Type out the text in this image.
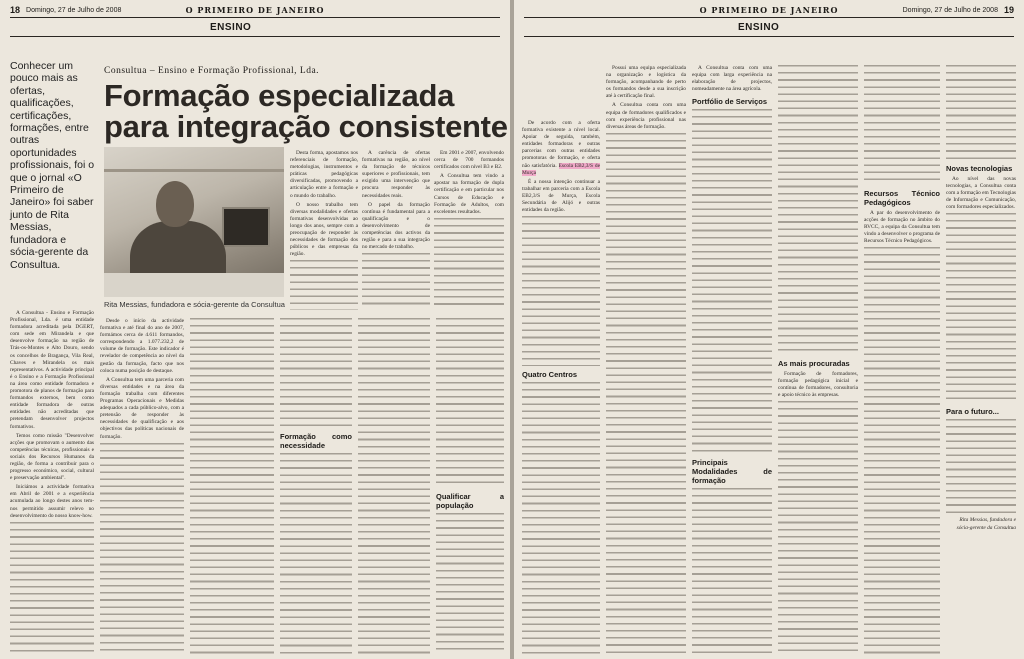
18 Domingo, 27 de Julho de 2008	O PRIMEIRO DE JANEIRO
ENSINO
Conhecer um pouco mais as ofertas, qualificações, certificações, formações, entre outras oportunidades profissionais, foi o que o jornal «O Primeiro de Janeiro» foi saber junto de Rita Messias, fundadora e sócia-gerente da Consultua.
Consultua – Ensino e Formação Profissional, Lda.
Formação especializada para integração consistente
Rita Messias, fundadora e sócia-gerente da Consultua

Desta forma, apostamos nos referenciais de formação, metodologias, instrumentos e práticas pedagógicas diversificadas, promovendo a articulação entre a formação e o mundo do trabalho.

O nosso trabalho tem diversas modalidades e ofertas formativas desenvolvidas ao longo dos anos, sempre com a preocupação de responder às necessidades de formação dos públicos e das empresas da região.

A carência de ofertas formativas na região, ao nível da formação de técnicos superiores e profissionais, tem exigido uma intervenção que procura responder às necessidades reais.

O papel da formação contínua é fundamental para a qualificação e o desenvolvimento de competências dos activos da região e para a sua integração no mercado de trabalho.

Em 2001 e 2007, envolvendo cerca de 700 formandos certificados com nível B3 e B2.

A Consultua tem vindo a apostar na formação de dupla certificação e em particular nos Cursos de Educação e Formação de Adultos, com excelentes resultados.

A Consultua - Ensino e Formação Profissional, Lda. é uma entidade formadora acreditada pela DGERT, com sede em Mirandela e que desenvolve formação na região de Trás-os-Montes e Alto Douro, sendo os concelhos de Bragança, Vila Real, Chaves e Mirandela os mais representativos. A actividade principal é o Ensino e a Formação Profissional na área como entidade formadora e promotora de planos de formação para formandos externos, bem como entidade formadora de outras entidades não acreditadas que pretendam desenvolver projectos formativos.

Temos como missão "Desenvolver acções que promovam o aumento das competências técnicas, profissionais e sociais dos Recursos Humanos da região, de forma a contribuir para o progresso económico, social, cultural e preservação ambiental".

Iniciámos a actividade formativa em Abril de 2001 e a experiência acumulada ao longo destes anos tem-nos permitido assumir relevo no desenvolvimento do nosso know-how.

Desde o início da actividade formativa e até final do ano de 2007, formámos cerca de 4.611 formandos, correspondendo a 1.077.232,2 de volume de formação. Este indicador é revelador de competência ao nível da gestão da formação, facto que nos coloca numa posição de destaque.

A Consultua tem uma parceria com diversas entidades e na área da formação trabalha com diferentes Programas Operacionais e Medidas adequados a cada público-alvo, com a pretensão de responder às necessidades de qualificação e aos objectivos das políticas nacionais de formação.	Formação como necessidade
Qualificar a população
O PRIMEIRO DE JANEIRO	Domingo, 27 de Julho de 2008 19
ENSINO

De acordo com a oferta formativa existente a nível local. Apoiar de seguida, também, entidades formadoras e outras parcerias com outras entidades promotoras de formação, e oferta não satisfatória. Escola EB2,3/S de Murça

É a nossa intenção continuar a trabalhar em parceria com a Escola EB2,3/S de Murça, Escola Secundária de Alijó e outras entidades da região.

Quatro Centros

Possui uma equipa especializada na organização e logística da formação, acompanhando de perto os formandos desde a sua inscrição até à certificação final.

A Consultua conta com uma equipa de formadores qualificados e com experiência profissional nas diversas áreas de formação.

A Consultua conta com uma equipa com larga experiência na elaboração de projectos, nomeadamente na área agrícola.

Portfólio de Serviços
Principais Modalidades de formação
As mais procuradas

Formação de formadores, formação pedagógica inicial e contínua de formadores, consultoria e apoio técnico às empresas.

Recursos Técnico Pedagógicos

A par do desenvolvimento de acções de formação no âmbito do RVCC, a equipa da Consultua tem vindo a desenvolver o programa de Recursos Técnico Pedagógicos.

Novas tecnologias

Ao nível das novas tecnologias, a Consultua conta com a formação em Tecnologias de Informação e Comunicação, com formadores especializados.

Para o futuro...
Rita Messias, fundadora e sócia-gerente da Consultua
